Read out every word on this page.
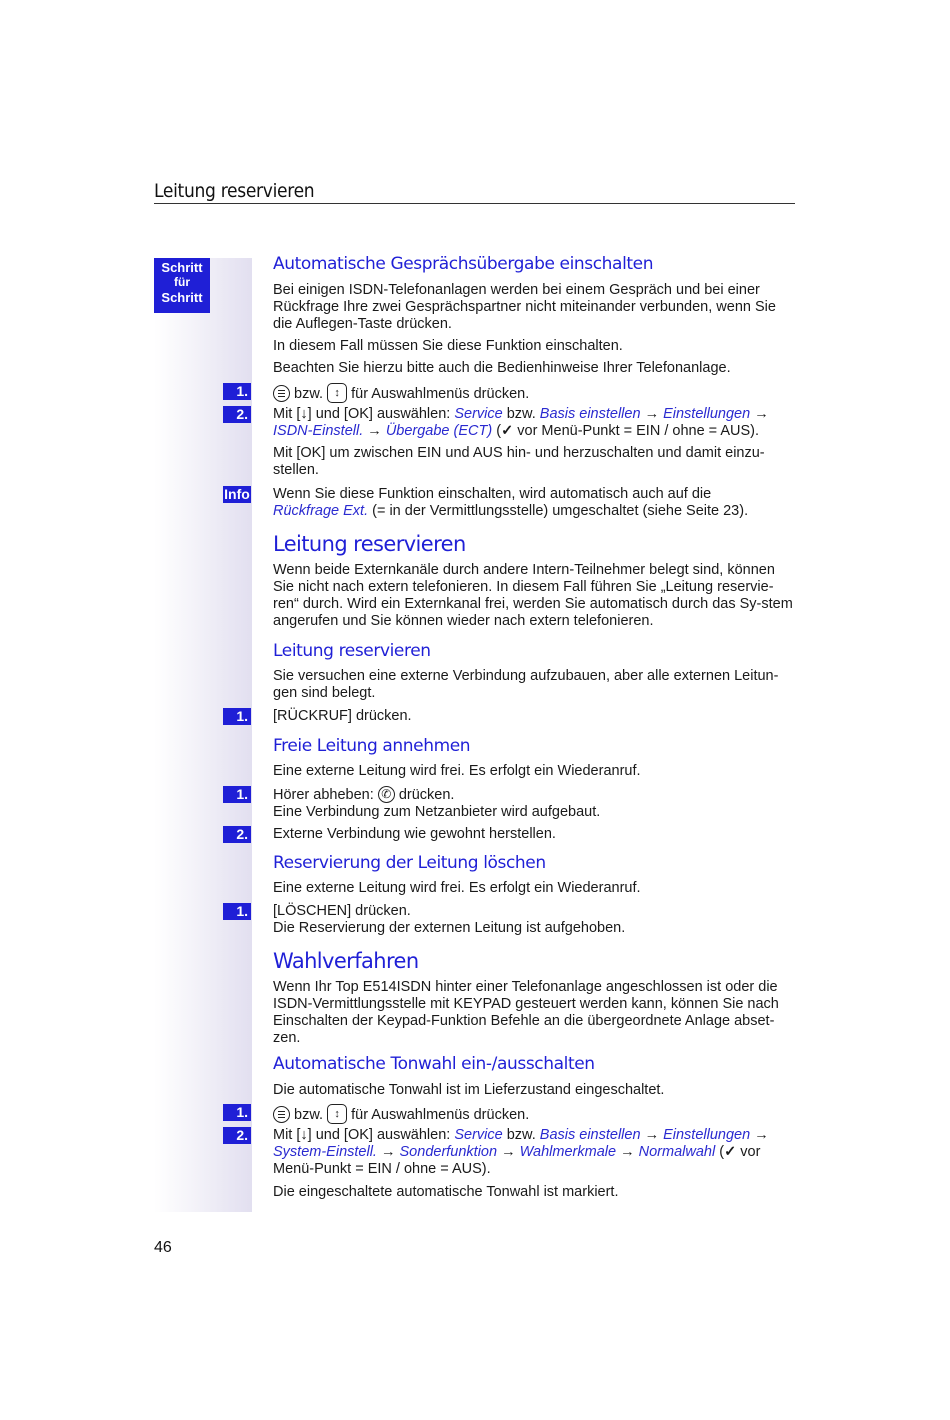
Leitung reservieren
Schritt
für
Schritt
Automatische Gesprächsübergabe einschalten
Bei einigen ISDN-Telefonanlagen werden bei einem Gespräch und bei einer Rückfrage Ihre zwei Gesprächspartner nicht miteinander verbunden, wenn Sie die Auflegen-Taste drücken.
In diesem Fall müssen Sie diese Funktion einschalten.
Beachten Sie hierzu bitte auch die Bedienhinweise Ihrer Telefonanlage.
1.	bzw. ↕ für Auswahlmenüs drücken.
2. Mit [↓] und [OK] auswählen: Service bzw. Basis einstellen → Einstellungen →
ISDN-Einstell. → Übergabe (ECT) (✓ vor Menü-Punkt = EIN / ohne = AUS).
Mit [OK] um zwischen EIN und AUS hin- und herzuschalten und damit einzu-stellen.
Info Wenn Sie diese Funktion einschalten, wird automatisch auch auf die
Rückfrage Ext. (= in der Vermittlungsstelle) umgeschaltet (siehe Seite 23).
Leitung reservieren
Wenn beide Externkanäle durch andere Intern-Teilnehmer belegt sind, können Sie nicht nach extern telefonieren. In diesem Fall führen Sie „Leitung reservie-ren“ durch. Wird ein Externkanal frei, werden Sie automatisch durch das Sy-stem angerufen und Sie können wieder nach extern telefonieren.
Leitung reservieren
Sie versuchen eine externe Verbindung aufzubauen, aber alle externen Leitun-gen sind belegt.
1. [RÜCKRUF] drücken.
Freie Leitung annehmen
Eine externe Leitung wird frei. Es erfolgt ein Wiederanruf.
1. Hörer abheben: ✆ drücken.
Eine Verbindung zum Netzanbieter wird aufgebaut.
2. Externe Verbindung wie gewohnt herstellen.
Reservierung der Leitung löschen
Eine externe Leitung wird frei. Es erfolgt ein Wiederanruf.
1. [LÖSCHEN] drücken.
Die Reservierung der externen Leitung ist aufgehoben.
Wahlverfahren
Wenn Ihr Top E514ISDN hinter einer Telefonanlage angeschlossen ist oder die ISDN-Vermittlungsstelle mit KEYPAD gesteuert werden kann, können Sie nach Einschalten der Keypad-Funktion Befehle an die übergeordnete Anlage abset-zen.
Automatische Tonwahl ein-/ausschalten
Die automatische Tonwahl ist im Lieferzustand eingeschaltet.
1.	bzw. ↕ für Auswahlmenüs drücken.
2. Mit [↓] und [OK] auswählen: Service bzw. Basis einstellen → Einstellungen →
System-Einstell. → Sonderfunktion → Wahlmerkmale → Normalwahl (✓ vor
Menü-Punkt = EIN / ohne = AUS).
Die eingeschaltete automatische Tonwahl ist markiert.
46
